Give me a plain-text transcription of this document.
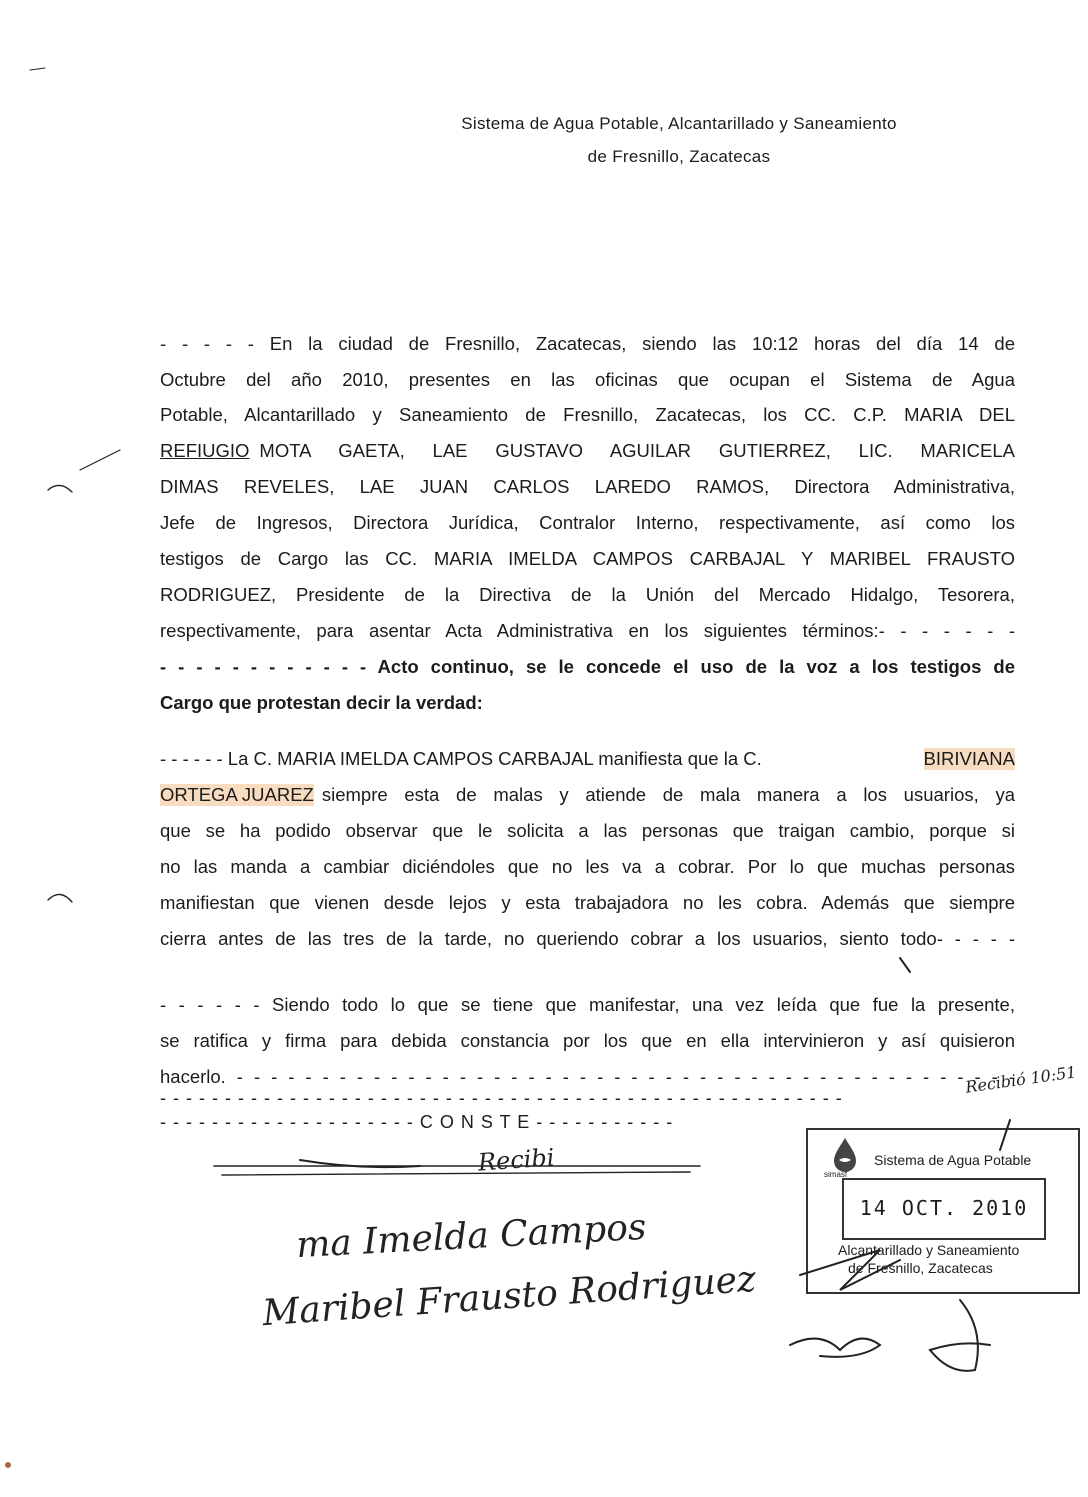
Sistema de Agua Potable, Alcantarillado y Saneamiento
de Fresnillo, Zacatecas
- - - - - En la ciudad de Fresnillo, Zacatecas, siendo las 10:12 horas del día 14 de
Octubre del año 2010, presentes en las oficinas que ocupan el Sistema de Agua
Potable, Alcantarillado y Saneamiento de Fresnillo, Zacatecas, los CC. C.P. MARIA DEL
REFIUGIO MOTA GAETA, LAE GUSTAVO AGUILAR GUTIERREZ, LIC. MARICELA
DIMAS REVELES, LAE JUAN CARLOS LAREDO RAMOS, Directora Administrativa,
Jefe de Ingresos, Directora Jurídica, Contralor Interno, respectivamente, así como los
testigos de Cargo las CC. MARIA IMELDA CAMPOS CARBAJAL Y MARIBEL FRAUSTO
RODRIGUEZ, Presidente de la Directiva de la Unión del Mercado Hidalgo, Tesorera,
respectivamente, para asentar Acta Administrativa en los siguientes términos:- - - - - - -
- - - - - - - - - - - - Acto continuo, se le concede el uso de la voz a los testigos de
Cargo que protestan decir la verdad:
- - - - - - La C. MARIA IMELDA CAMPOS CARBAJAL manifiesta que la C.	BIRIVIANA
ORTEGA JUAREZ siempre esta de malas y atiende de mala manera a los usuarios, ya
que se ha podido observar que le solicita a las personas que traigan cambio, porque si
no las manda a cambiar diciéndoles que no les va a cobrar. Por lo que muchas personas
manifiestan que vienen desde lejos y esta trabajadora no les cobra. Además que siempre
cierra antes de las tres de la tarde, no queriendo cobrar a los usuarios, siento todo- - - - -
- - - - - - Siendo todo lo que se tiene que manifestar, una vez leída que fue la presente,
se ratifica y firma para debida constancia por los que en ella intervinieron y así quisieron
hacerlo. - - - - - - - - - - - - - - - - - - - - - - - - - - - - - - - - - - - - - - - - - - - - - -
- - - - - - - - - - - - - - - - - - - - - - - - - - - - - - - - - - - - - - - - - - - - - - - - - - - - -
- - - - - - - - - - - - - - - - - - - - C O N S T E - - - - - - - - - - -
Recibi
ma Imelda Campos
Maribel Frausto Rodriguez
Recibió 10:51
simasf
Sistema de Agua Potable
14 OCT. 2010
Alcantarillado y Saneamiento
de Fresnillo, Zacatecas
